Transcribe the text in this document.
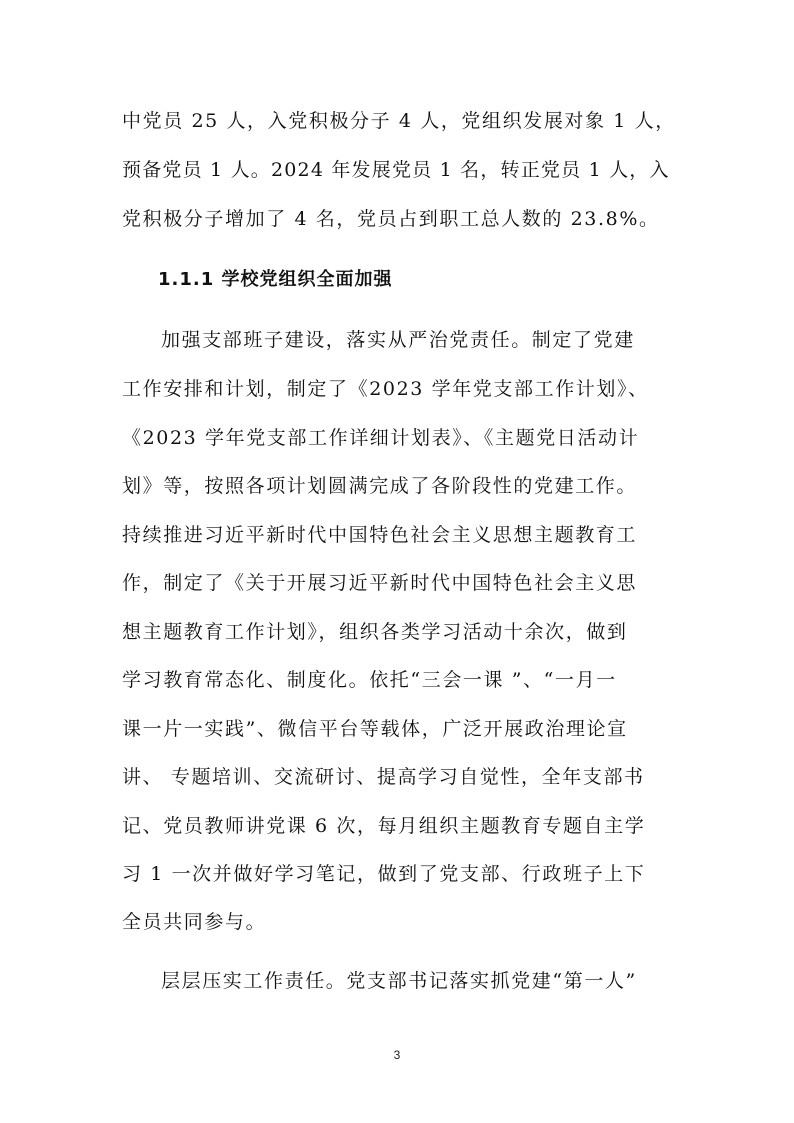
中党员 25 人，入党积极分子 4 人，党组织发展对象 1 人，
预备党员 1 人。2024 年发展党员 1 名，转正党员 1 人，入
党积极分子增加了 4 名，党员占到职工总人数的 23.8%。
1.1.1 学校党组织全面加强
加强支部班子建设，落实从严治党责任。制定了党建
工作安排和计划，制定了《2023 学年党支部工作计划》、
《2023 学年党支部工作详细计划表》、《主题党日活动计
划》等，按照各项计划圆满完成了各阶段性的党建工作。
持续推进习近平新时代中国特色社会主义思想主题教育工
作，制定了《关于开展习近平新时代中国特色社会主义思
想主题教育工作计划》，组织各类学习活动十余次，做到
学习教育常态化、制度化。依托“三会一课 ”、“一月一
课一片一实践”、微信平台等载体，广泛开展政治理论宣
讲、 专题培训、交流研讨、提高学习自觉性，全年支部书
记、党员教师讲党课 6 次，每月组织主题教育专题自主学
习 1 一次并做好学习笔记，做到了党支部、行政班子上下
全员共同参与。
层层压实工作责任。党支部书记落实抓党建“第一人”
3
